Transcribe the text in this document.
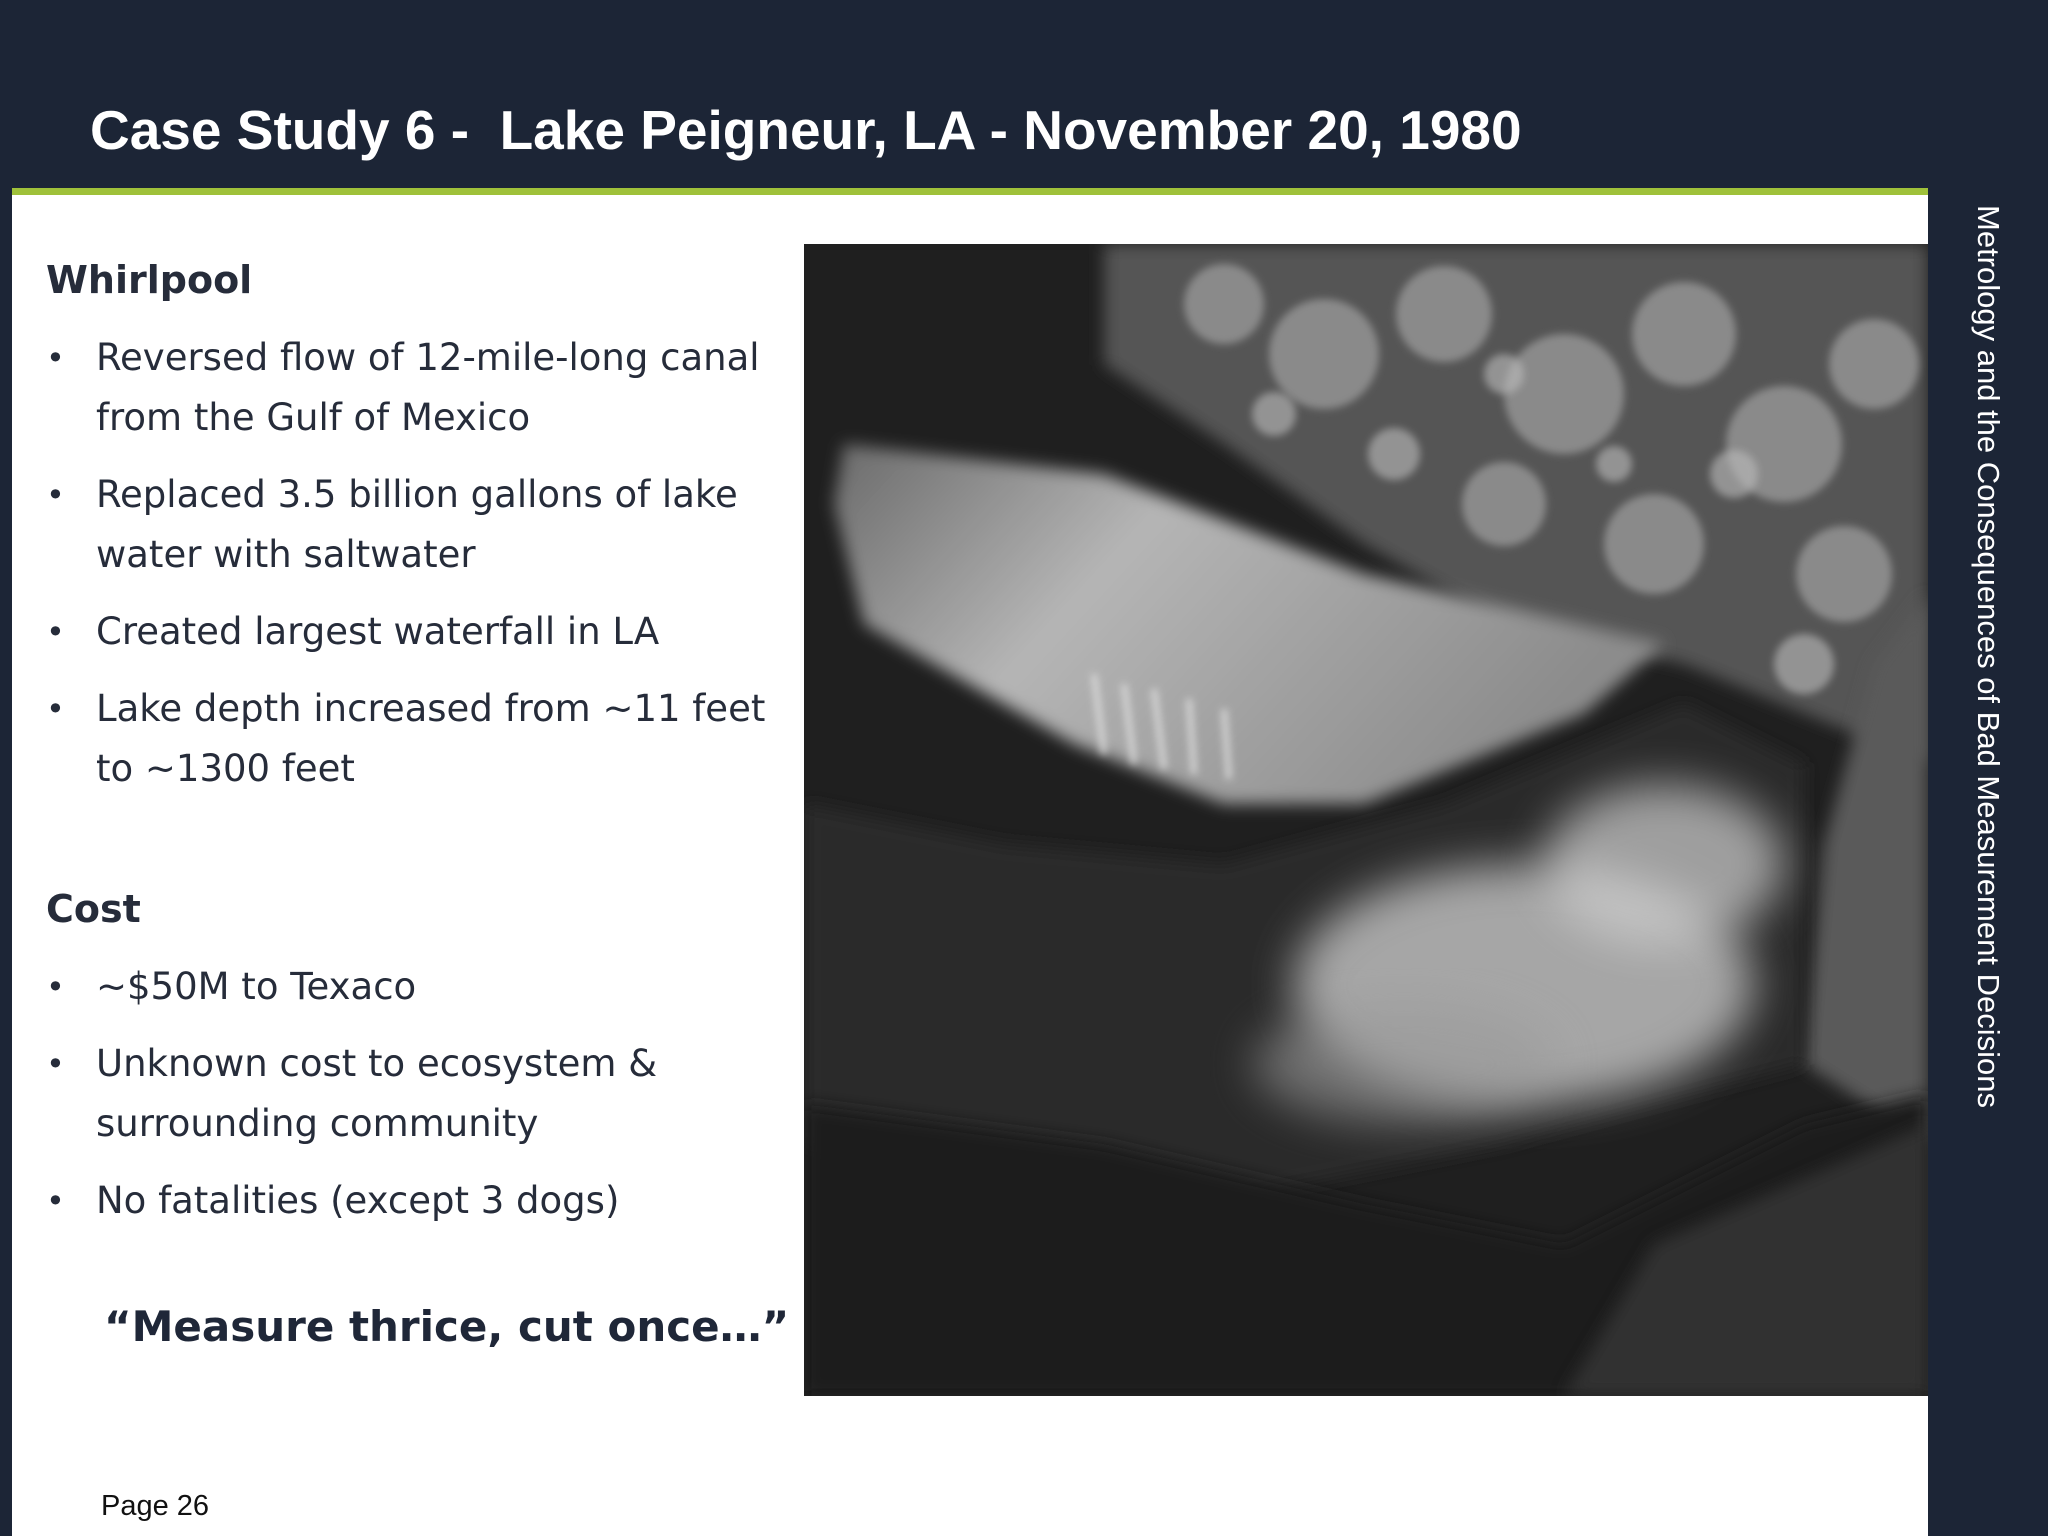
Case Study 6 -  Lake Peigneur, LA - November 20, 1980
Whirlpool
• Reversed flow of 12-mile-long canal from the Gulf of Mexico
• Replaced 3.5 billion gallons of lake water with saltwater
• Created largest waterfall in LA
• Lake depth increased from ~11 feet to ~1300 feet
Cost
• ~$50M to Texaco
• Unknown cost to ecosystem & surrounding community
• No fatalities (except 3 dogs)
“Measure thrice, cut once…”
Page 26
Metrology and the Consequences of Bad Measurement Decisions
